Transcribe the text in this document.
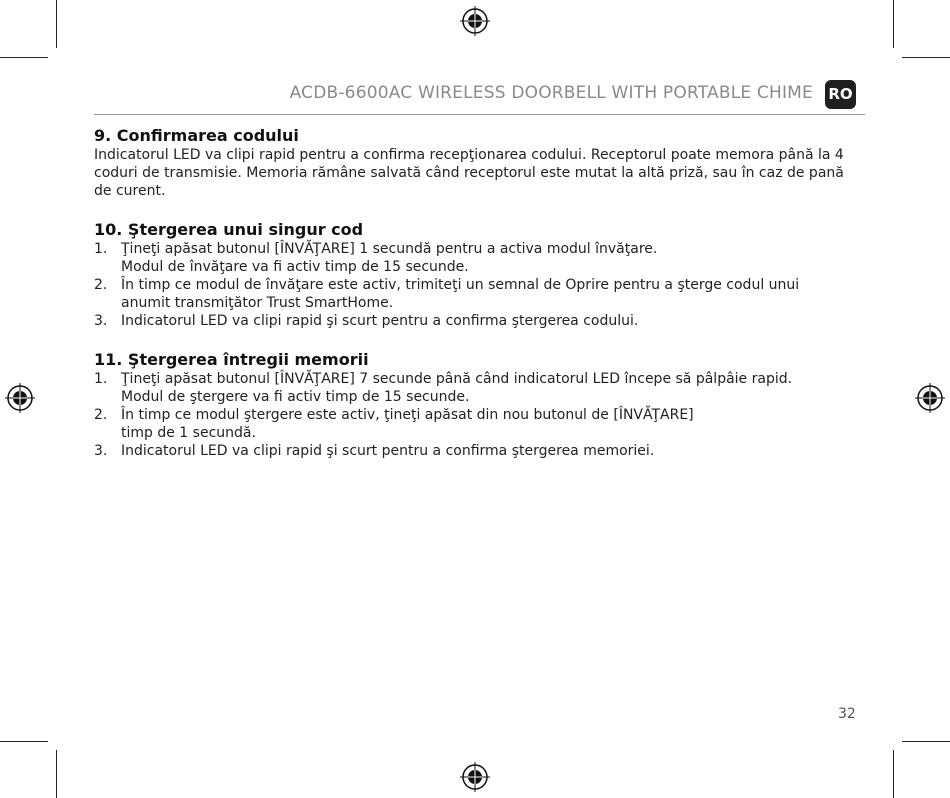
ACDB-6600AC WIRELESS DOORBELL WITH PORTABLE CHIME RO
9. Confirmarea codului

Indicatorul LED va clipi rapid pentru a confirma recepţionarea codului. Receptorul poate memora până la 4 coduri de transmisie. Memoria rămâne salvată când receptorul este mutat la altă priză, sau în caz de pană de curent.

10. Ştergerea unui singur cod
1. Ţineţi apăsat butonul [ÎNVĂŢARE] 1 secundă pentru a activa modul învăţare.
Modul de învăţare va fi activ timp de 15 secunde.
2. În timp ce modul de învăţare este activ, trimiteţi un semnal de Oprire pentru a şterge codul unui
anumit transmiţător Trust SmartHome.
3. Indicatorul LED va clipi rapid şi scurt pentru a confirma ştergerea codului.
11. Ştergerea întregii memorii
1. Ţineţi apăsat butonul [ÎNVĂŢARE] 7 secunde până când indicatorul LED începe să pâlpâie rapid.
Modul de ştergere va fi activ timp de 15 secunde.
2. În timp ce modul ştergere este activ, ţineţi apăsat din nou butonul de [ÎNVĂŢARE]
timp de 1 secundă.
3. Indicatorul LED va clipi rapid şi scurt pentru a confirma ştergerea memoriei.
32
